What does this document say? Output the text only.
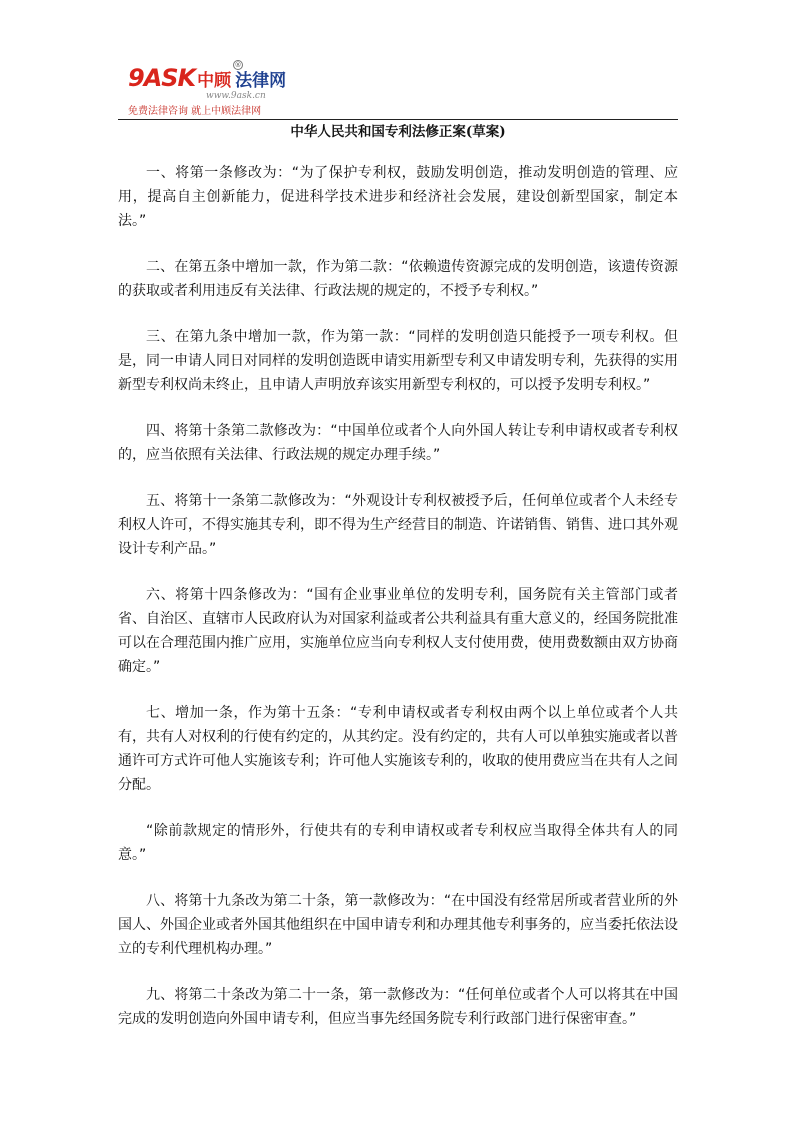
9ASK 中顾 法律网
®
www.9ask.cn
免费法律咨询 就上中顾法律网
中华人民共和国专利法修正案(草案)

一、将第一条修改为：“为了保护专利权，鼓励发明创造，推动发明创造的管理、应用，提高自主创新能力，促进科学技术进步和经济社会发展，建设创新型国家，制定本法。”

二、在第五条中增加一款，作为第二款：“依赖遗传资源完成的发明创造，该遗传资源的获取或者利用违反有关法律、行政法规的规定的，不授予专利权。”

三、在第九条中增加一款，作为第一款：“同样的发明创造只能授予一项专利权。但是，同一申请人同日对同样的发明创造既申请实用新型专利又申请发明专利，先获得的实用新型专利权尚未终止，且申请人声明放弃该实用新型专利权的，可以授予发明专利权。”

四、将第十条第二款修改为：“中国单位或者个人向外国人转让专利申请权或者专利权的，应当依照有关法律、行政法规的规定办理手续。”

五、将第十一条第二款修改为：“外观设计专利权被授予后，任何单位或者个人未经专利权人许可，不得实施其专利，即不得为生产经营目的制造、许诺销售、销售、进口其外观设计专利产品。”

六、将第十四条修改为：“国有企业事业单位的发明专利，国务院有关主管部门或者省、自治区、直辖市人民政府认为对国家利益或者公共利益具有重大意义的，经国务院批准可以在合理范围内推广应用，实施单位应当向专利权人支付使用费，使用费数额由双方协商确定。”

七、增加一条，作为第十五条：“专利申请权或者专利权由两个以上单位或者个人共有，共有人对权利的行使有约定的，从其约定。没有约定的，共有人可以单独实施或者以普通许可方式许可他人实施该专利；许可他人实施该专利的，收取的使用费应当在共有人之间分配。

“除前款规定的情形外，行使共有的专利申请权或者专利权应当取得全体共有人的同意。”

八、将第十九条改为第二十条，第一款修改为：“在中国没有经常居所或者营业所的外国人、外国企业或者外国其他组织在中国申请专利和办理其他专利事务的，应当委托依法设立的专利代理机构办理。”

九、将第二十条改为第二十一条，第一款修改为：“任何单位或者个人可以将其在中国完成的发明创造向外国申请专利，但应当事先经国务院专利行政部门进行保密审查。”
